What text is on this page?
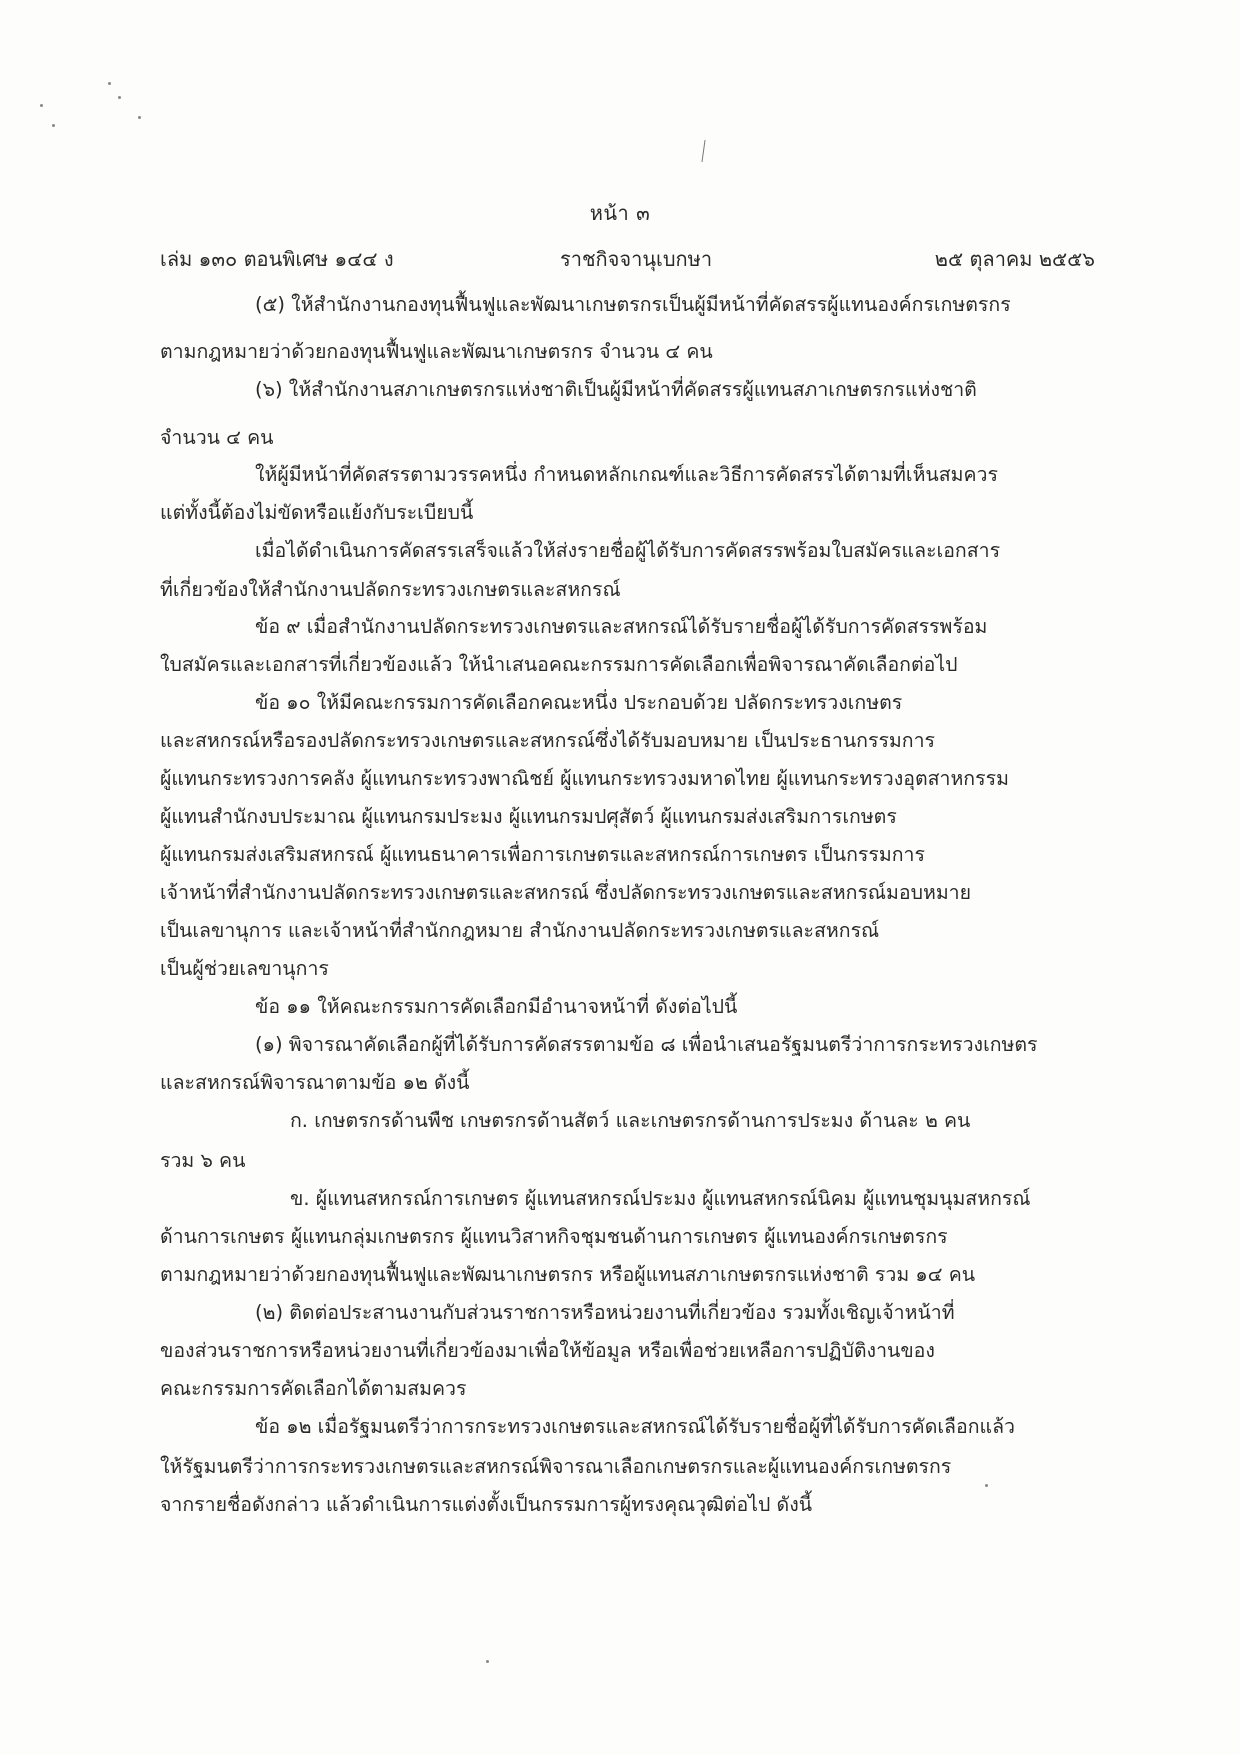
หน้า ๓
เล่ม ๑๓๐ ตอนพิเศษ ๑๔๔ ง	ราชกิจจานุเบกษา	๒๕ ตุลาคม ๒๕๕๖
(๕) ให้สำนักงานกองทุนฟื้นฟูและพัฒนาเกษตรกรเป็นผู้มีหน้าที่คัดสรรผู้แทนองค์กรเกษตรกร
ตามกฎหมายว่าด้วยกองทุนฟื้นฟูและพัฒนาเกษตรกร จำนวน ๔ คน
(๖) ให้สำนักงานสภาเกษตรกรแห่งชาติเป็นผู้มีหน้าที่คัดสรรผู้แทนสภาเกษตรกรแห่งชาติ
จำนวน ๔ คน
ให้ผู้มีหน้าที่คัดสรรตามวรรคหนึ่ง กำหนดหลักเกณฑ์และวิธีการคัดสรรได้ตามที่เห็นสมควร
แต่ทั้งนี้ต้องไม่ขัดหรือแย้งกับระเบียบนี้
เมื่อได้ดำเนินการคัดสรรเสร็จแล้วให้ส่งรายชื่อผู้ได้รับการคัดสรรพร้อมใบสมัครและเอกสาร
ที่เกี่ยวข้องให้สำนักงานปลัดกระทรวงเกษตรและสหกรณ์
ข้อ ๙ เมื่อสำนักงานปลัดกระทรวงเกษตรและสหกรณ์ได้รับรายชื่อผู้ได้รับการคัดสรรพร้อม
ใบสมัครและเอกสารที่เกี่ยวข้องแล้ว ให้นำเสนอคณะกรรมการคัดเลือกเพื่อพิจารณาคัดเลือกต่อไป
ข้อ ๑๐ ให้มีคณะกรรมการคัดเลือกคณะหนึ่ง ประกอบด้วย ปลัดกระทรวงเกษตร
และสหกรณ์หรือรองปลัดกระทรวงเกษตรและสหกรณ์ซึ่งได้รับมอบหมาย เป็นประธานกรรมการ
ผู้แทนกระทรวงการคลัง ผู้แทนกระทรวงพาณิชย์ ผู้แทนกระทรวงมหาดไทย ผู้แทนกระทรวงอุตสาหกรรม
ผู้แทนสำนักงบประมาณ ผู้แทนกรมประมง ผู้แทนกรมปศุสัตว์ ผู้แทนกรมส่งเสริมการเกษตร
ผู้แทนกรมส่งเสริมสหกรณ์ ผู้แทนธนาคารเพื่อการเกษตรและสหกรณ์การเกษตร เป็นกรรมการ
เจ้าหน้าที่สำนักงานปลัดกระทรวงเกษตรและสหกรณ์ ซึ่งปลัดกระทรวงเกษตรและสหกรณ์มอบหมาย
เป็นเลขานุการ และเจ้าหน้าที่สำนักกฎหมาย สำนักงานปลัดกระทรวงเกษตรและสหกรณ์
เป็นผู้ช่วยเลขานุการ
ข้อ ๑๑ ให้คณะกรรมการคัดเลือกมีอำนาจหน้าที่ ดังต่อไปนี้
(๑) พิจารณาคัดเลือกผู้ที่ได้รับการคัดสรรตามข้อ ๘ เพื่อนำเสนอรัฐมนตรีว่าการกระทรวงเกษตร
และสหกรณ์พิจารณาตามข้อ ๑๒ ดังนี้
ก. เกษตรกรด้านพืช เกษตรกรด้านสัตว์ และเกษตรกรด้านการประมง ด้านละ ๒ คน
รวม ๖ คน
ข. ผู้แทนสหกรณ์การเกษตร ผู้แทนสหกรณ์ประมง ผู้แทนสหกรณ์นิคม ผู้แทนชุมนุมสหกรณ์
ด้านการเกษตร ผู้แทนกลุ่มเกษตรกร ผู้แทนวิสาหกิจชุมชนด้านการเกษตร ผู้แทนองค์กรเกษตรกร
ตามกฎหมายว่าด้วยกองทุนฟื้นฟูและพัฒนาเกษตรกร หรือผู้แทนสภาเกษตรกรแห่งชาติ รวม ๑๔ คน
(๒) ติดต่อประสานงานกับส่วนราชการหรือหน่วยงานที่เกี่ยวข้อง รวมทั้งเชิญเจ้าหน้าที่
ของส่วนราชการหรือหน่วยงานที่เกี่ยวข้องมาเพื่อให้ข้อมูล หรือเพื่อช่วยเหลือการปฏิบัติงานของ
คณะกรรมการคัดเลือกได้ตามสมควร
ข้อ ๑๒ เมื่อรัฐมนตรีว่าการกระทรวงเกษตรและสหกรณ์ได้รับรายชื่อผู้ที่ได้รับการคัดเลือกแล้ว
ให้รัฐมนตรีว่าการกระทรวงเกษตรและสหกรณ์พิจารณาเลือกเกษตรกรและผู้แทนองค์กรเกษตรกร
จากรายชื่อดังกล่าว แล้วดำเนินการแต่งตั้งเป็นกรรมการผู้ทรงคุณวุฒิต่อไป ดังนี้
